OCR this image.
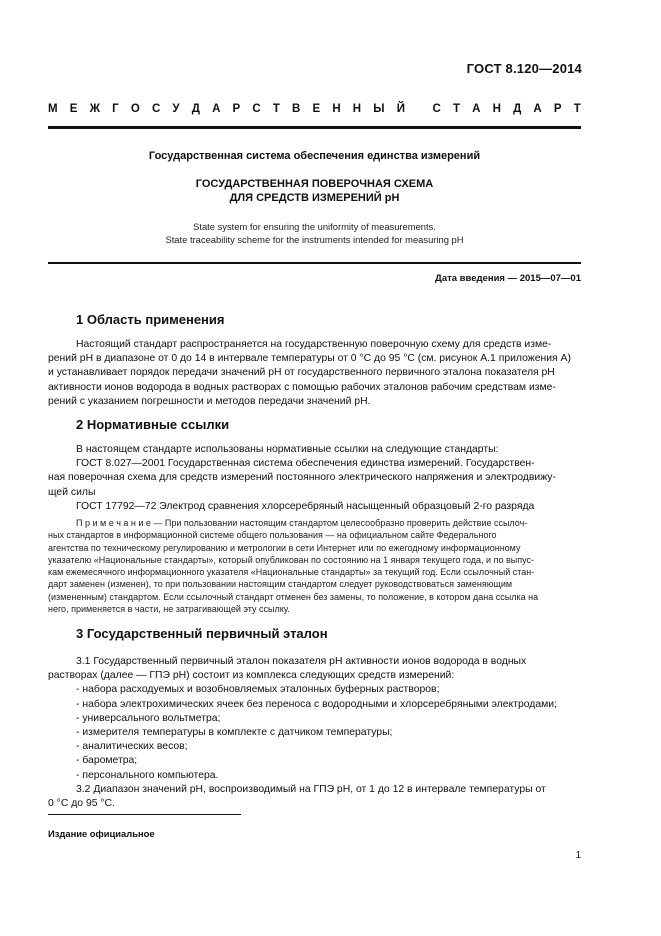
ГОСТ 8.120—2014
М Е Ж Г О С У Д А Р С Т В Е Н Н Ы Й
С Т А Н Д А Р Т
Государственная система обеспечения единства измерений
ГОСУДАРСТВЕННАЯ ПОВЕРОЧНАЯ СХЕМА
ДЛЯ СРЕДСТВ ИЗМЕРЕНИЙ рН
State system for ensuring the uniformity of measurements.
State traceability scheme for the instruments intended for measuring pH
Дата введения — 2015—07—01
1 Область применения
Настоящий стандарт распространяется на государственную поверочную схему для средств изме-
рений рН в диапазоне от 0 до 14 в интервале температуры от 0 °С до 95 °С (см. рисунок А.1 приложения А)
и устанавливает порядок передачи значений рН от государственного первичного эталона показателя рН
активности ионов водорода в водных растворах с помощью рабочих эталонов рабочим средствам изме-
рений с указанием погрешности и методов передачи значений рН.
2 Нормативные ссылки
В настоящем стандарте использованы нормативные ссылки на следующие стандарты:
ГОСТ 8.027—2001 Государственная система обеспечения единства измерений. Государствен-
ная поверочная схема для средств измерений постоянного электрического напряжения и электродвижу-
щей силы
ГОСТ 17792—72 Электрод сравнения хлорсеребряный насыщенный образцовый 2-го разряда
П р и м е ч а н и е — При пользовании настоящим стандартом целесообразно проверить действие ссылоч-
ных стандартов в информационной системе общего пользования — на официальном сайте Федерального
агентства по техническому регулированию и метрологии в сети Интернет или по ежегодному информационному
указателю «Национальные стандарты», который опубликован по состоянию на 1 января текущего года, и по выпус-
кам ежемесячного информационного указателя «Национальные стандарты» за текущий год. Если ссылочный стан-
дарт заменен (изменен), то при пользовании настоящим стандартом следует руководствоваться заменяющим
(измененным) стандартом. Если ссылочный стандарт отменен без замены, то положение, в котором дана ссылка на
него, применяется в части, не затрагивающей эту ссылку.
3 Государственный первичный эталон
3.1 Государственный первичный эталон показателя рН активности ионов водорода в водных
растворах (далее — ГПЭ рН) состоит из комплекса следующих средств измерений:
- набора расходуемых и возобновляемых эталонных буферных растворов;
- набора электрохимических ячеек без переноса с водородными и хлорсеребряными электродами;
- универсального вольтметра;
- измерителя температуры в комплекте с датчиком температуры;
- аналитических весов;
- барометра;
- персонального компьютера.
3.2 Диапазон значений рН, воспроизводимый на ГПЭ рН, от 1 до 12 в интервале температуры от
0 °С до 95 °С.
Издание официальное
1
